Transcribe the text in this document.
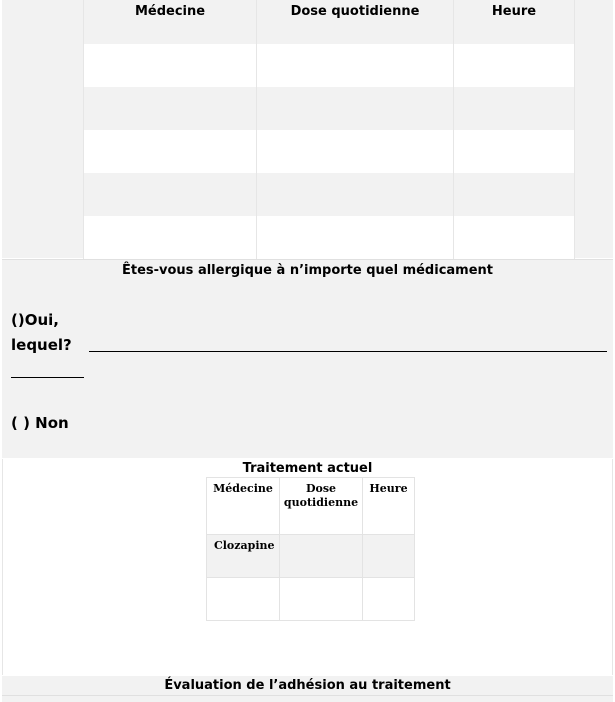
Médecine	Dose quotidienne	Heure

Êtes-vous allergique à n’importe quel médicament
()Oui,
lequel?
( ) Non
Traitement actuel
Médecine	Dose quotidienne	Heure
Clozapine		

Évaluation de l’adhésion au traitement
